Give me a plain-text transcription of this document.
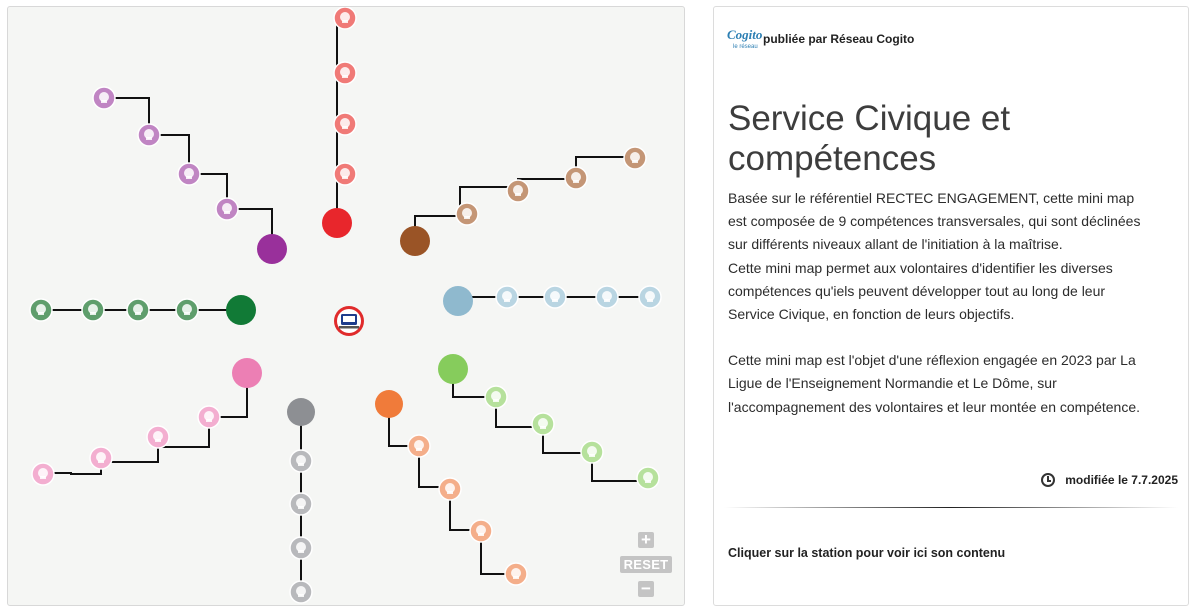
+
RESET
−
Cogito
le réseau
publiée par Réseau Cogito
Service Civique et compétences

Basée sur le référentiel RECTEC ENGAGEMENT, cette mini map est composée de 9 compétences transversales, qui sont déclinées sur différents niveaux allant de l'initiation à la maîtrise.

Cette mini map permet aux volontaires d'identifier les diverses compétences qu'iels peuvent développer tout au long de leur Service Civique, en fonction de leurs objectifs.

Cette mini map est l'objet d'une réflexion engagée en 2023 par La Ligue de l'Enseignement Normandie et Le Dôme, sur l'accompagnement des volontaires et leur montée en compétence.

modifiée le 7.7.2025
Cliquer sur la station pour voir ici son contenu
